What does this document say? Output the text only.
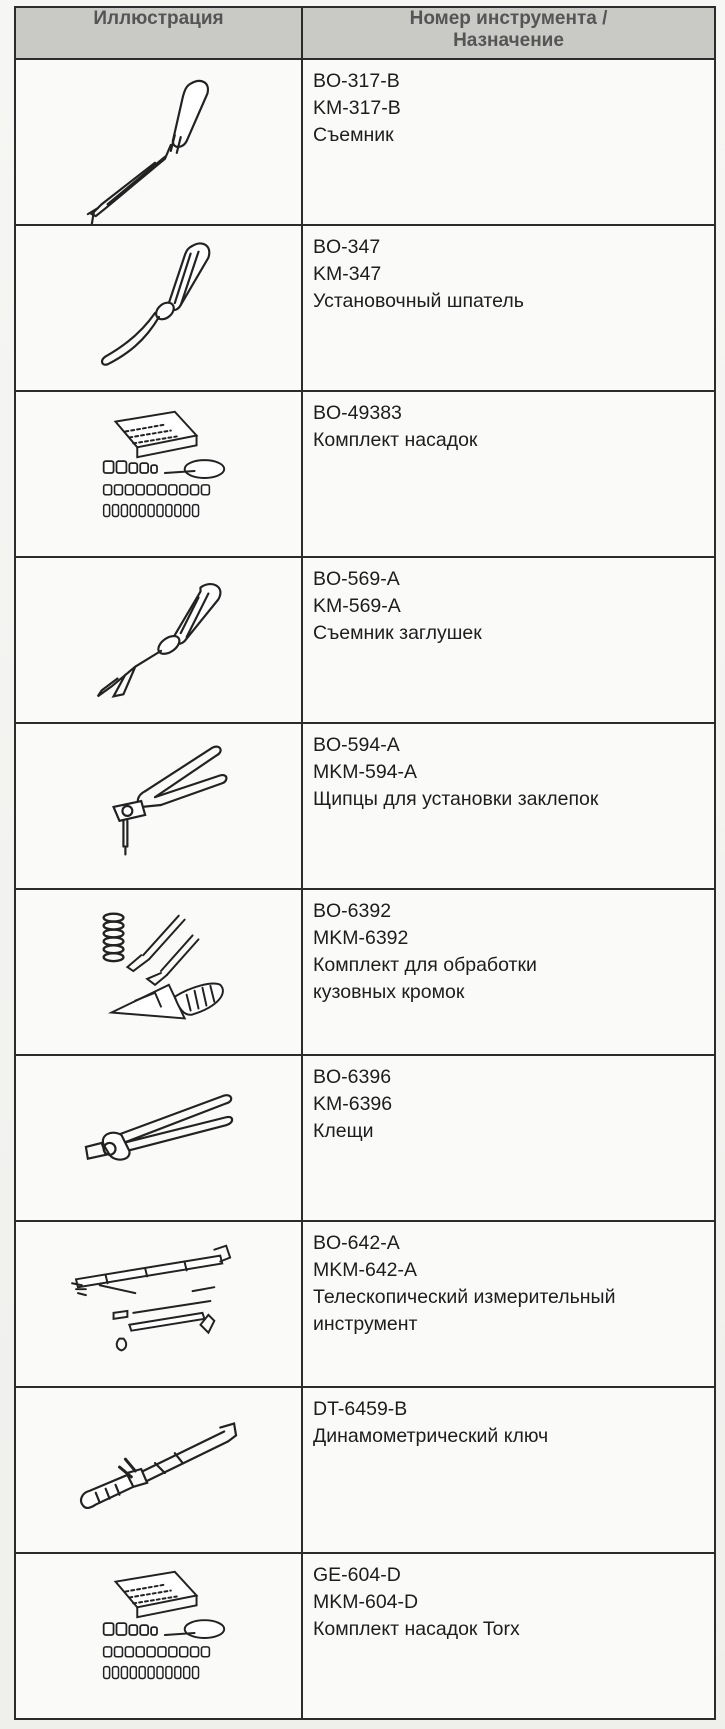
Иллюстрация	Номер инструмента /
Назначение

BO-317-B
KM-317-B
Съемник

BO-347
KM-347
Установочный шпатель

BO-49383
Комплект насадок

BO-569-A
KM-569-A
Съемник заглушек

BO-594-A
MKM-594-A
Щипцы для установки заклепок

BO-6392
MKM-6392
Комплект для обработки
кузовных кромок

BO-6396
KM-6396
Клещи

BO-642-A
MKM-642-A
Телескопический измерительный
инструмент

DT-6459-B
Динамометрический ключ

GE-604-D
MKM-604-D
Комплект насадок Torx
